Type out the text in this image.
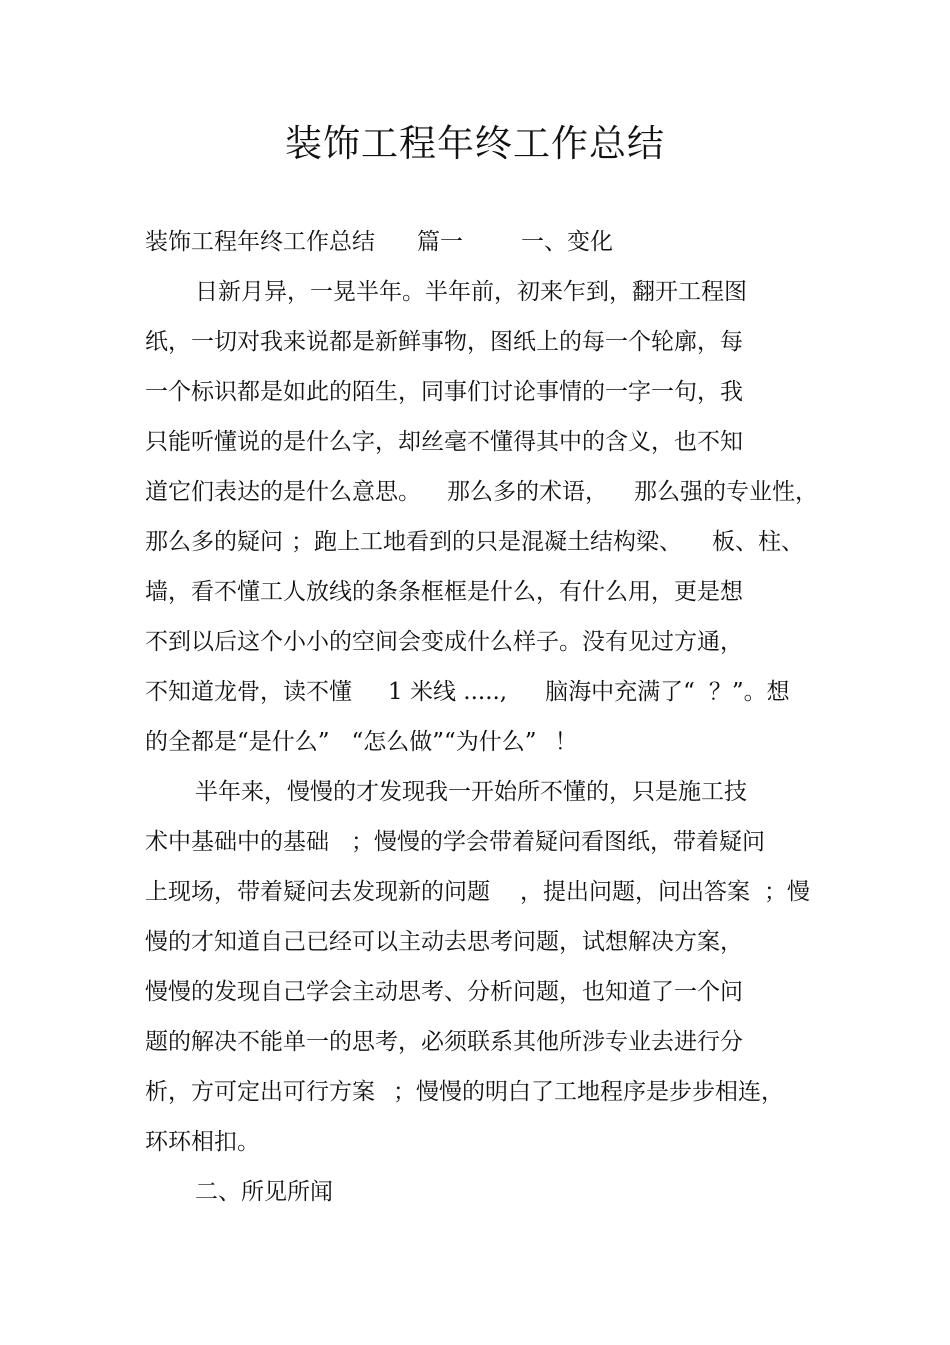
装饰工程年终工作总结
装饰工程年终工作总结 篇一	一、变化
日新月异，一晃半年。半年前，初来乍到，翻开工程图
纸，一切对我来说都是新鲜事物，图纸上的每一个轮廓，每
一个标识都是如此的陌生，同事们讨论事情的一字一句，我
只能听懂说的是什么字，却丝毫不懂得其中的含义，也不知
道它们表达的是什么意思。 那么多的术语， 那么强的专业性，
那么多的疑问 ；跑上工地看到的只是混凝土结构梁、 板、柱、
墙，看不懂工人放线的条条框框是什么，有什么用，更是想
不到以后这个小小的空间会变成什么样子。没有见过方通，
不知道龙骨，读不懂 1 米线 ....., 脑海中充满了“ ？”。想
的全都是“是什么” “怎么做”“为什么” ！
半年来，慢慢的才发现我一开始所不懂的，只是施工技
术中基础中的基础 ；慢慢的学会带着疑问看图纸，带着疑问
上现场，带着疑问去发现新的问题 ，提出问题，问出答案 ；慢
慢的才知道自己已经可以主动去思考问题，试想解决方案，
慢慢的发现自己学会主动思考、分析问题，也知道了一个问
题的解决不能单一的思考，必须联系其他所涉专业去进行分
析，方可定出可行方案 ；慢慢的明白了工地程序是步步相连，
环环相扣。
二、所见所闻
